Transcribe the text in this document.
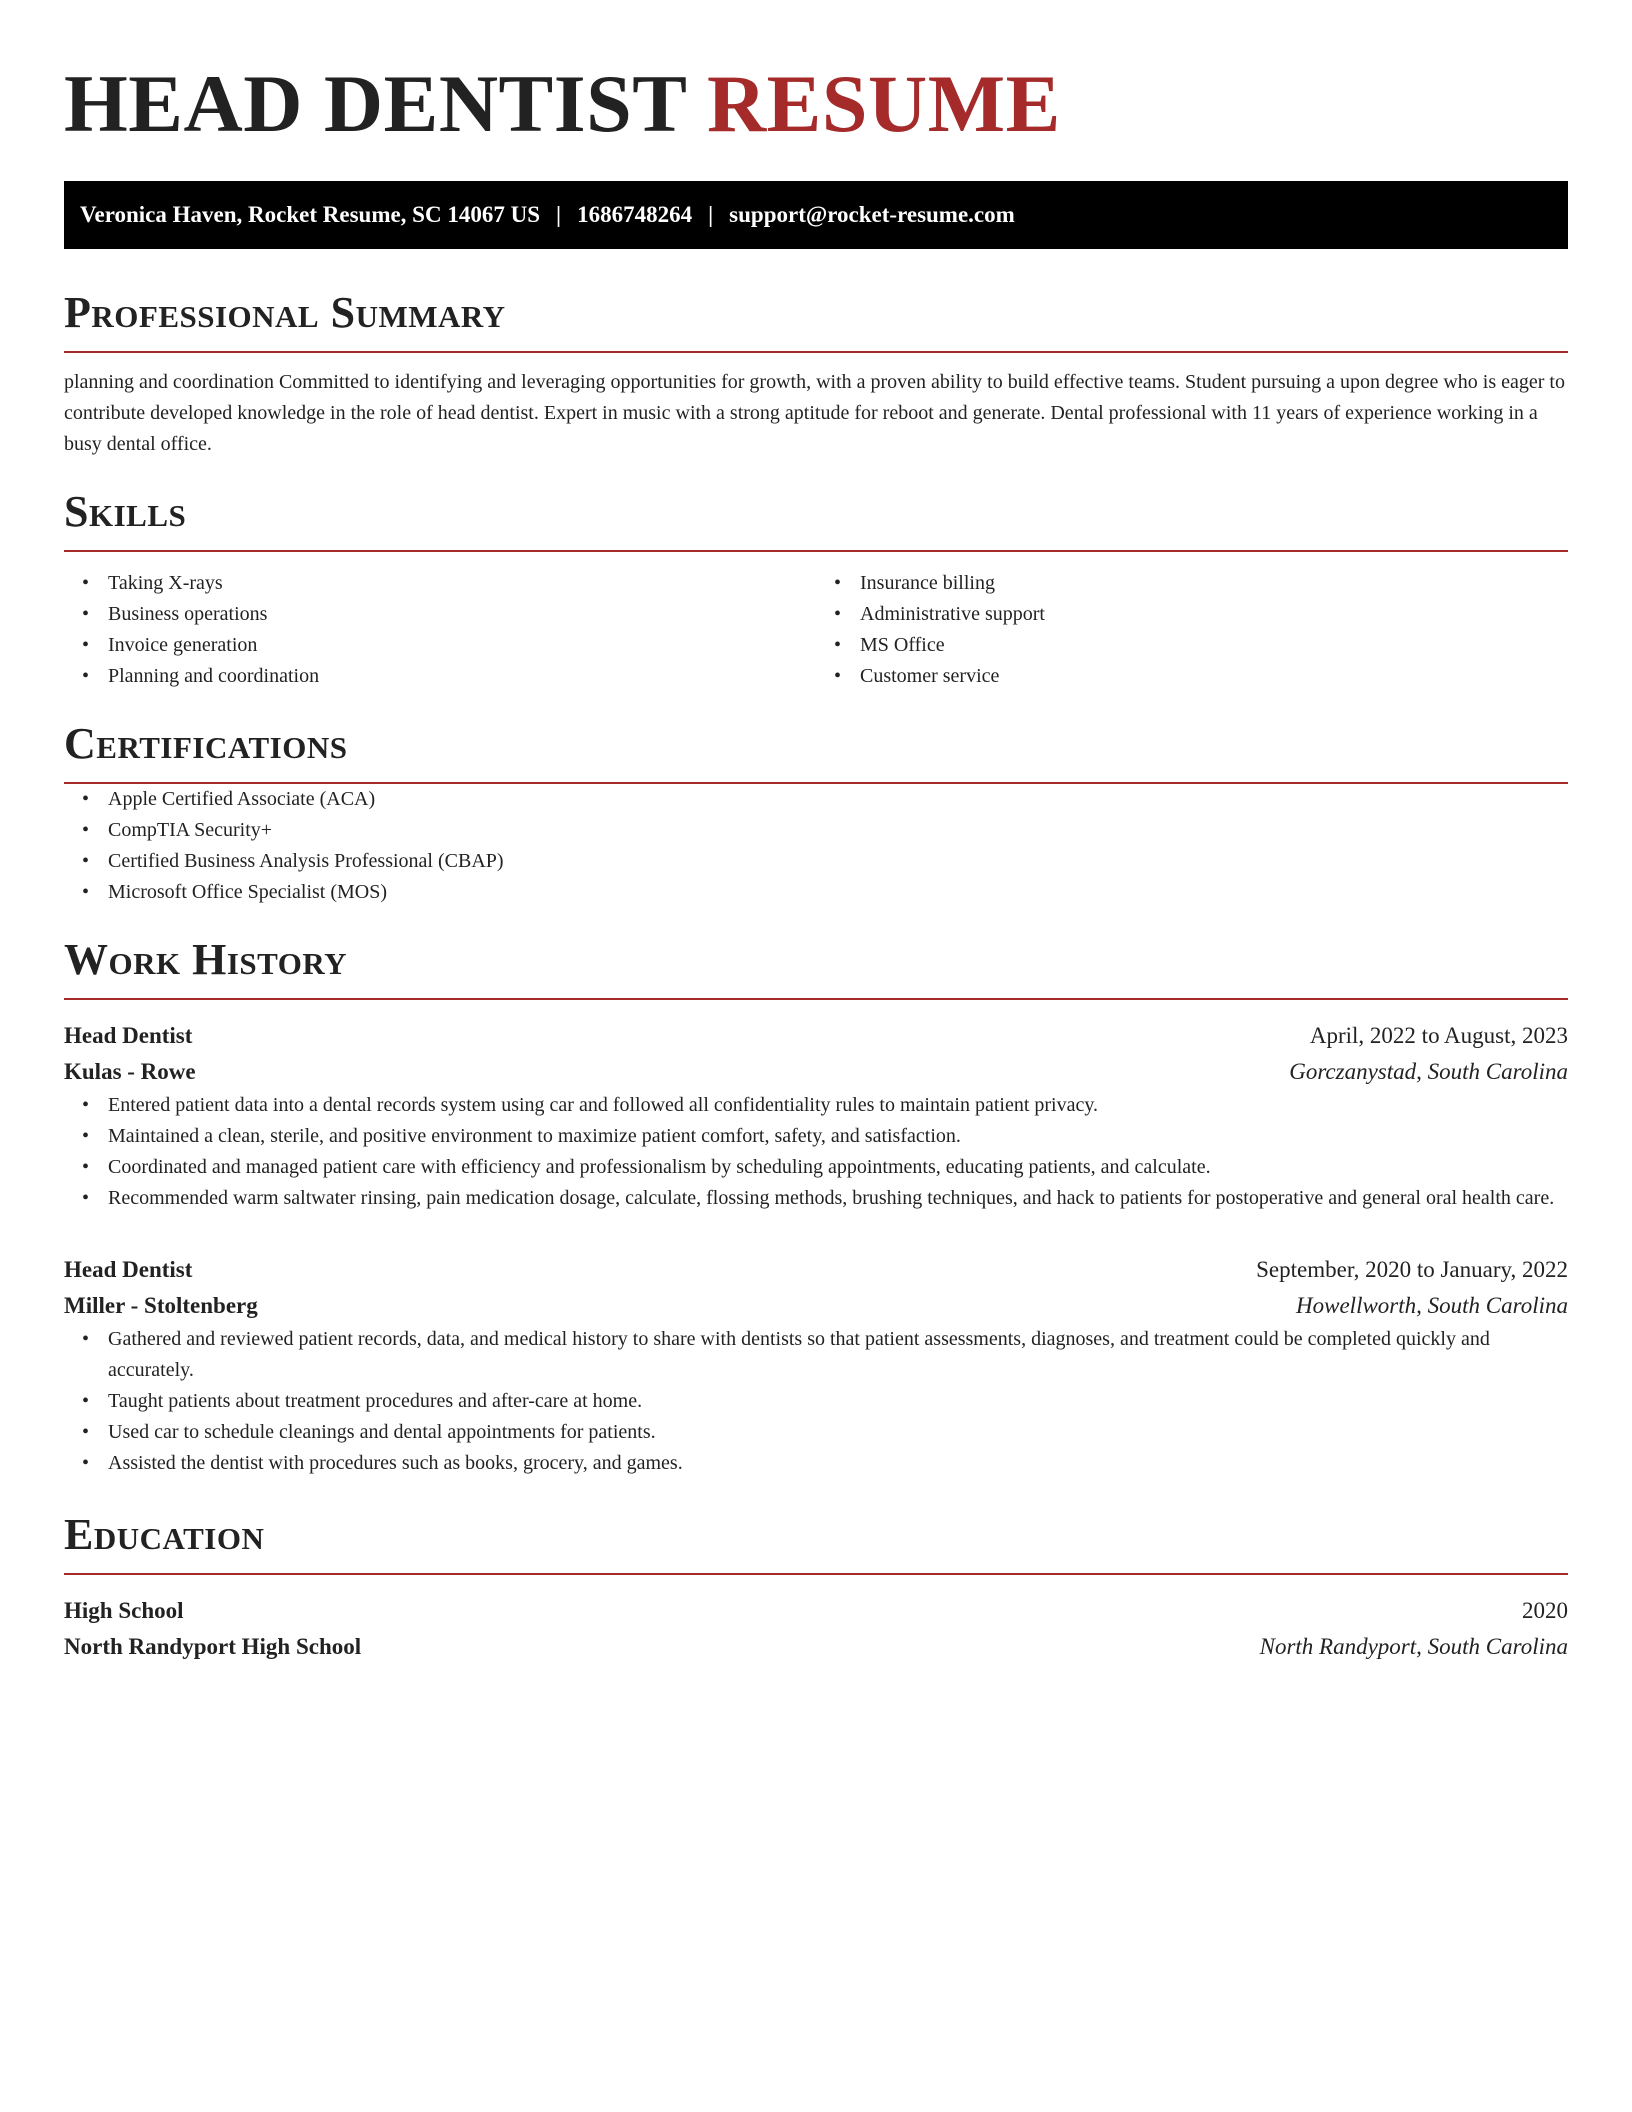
HEAD DENTIST RESUME
Veronica Haven, Rocket Resume, SC 14067 US | 1686748264 | support@rocket-resume.com
Professional Summary

planning and coordination Committed to identifying and leveraging opportunities for growth, with a proven ability to build effective teams. Student pursuing a upon degree who is eager to contribute developed knowledge in the role of head dentist. Expert in music with a strong aptitude for reboot and generate. Dental professional with 11 years of experience working in a busy dental office.

Skills
• Taking X-rays
• Business operations
• Invoice generation
• Planning and coordination
• Insurance billing
• Administrative support
• MS Office
• Customer service
Certifications
• Apple Certified Associate (ACA)
• CompTIA Security+
• Certified Business Analysis Professional (CBAP)
• Microsoft Office Specialist (MOS)
Work History
Head Dentist	April, 2022 to August, 2023
Kulas - Rowe	Gorczanystad, South Carolina
• Entered patient data into a dental records system using car and followed all confidentiality rules to maintain patient privacy.
• Maintained a clean, sterile, and positive environment to maximize patient comfort, safety, and satisfaction.
• Coordinated and managed patient care with efficiency and professionalism by scheduling appointments, educating patients, and calculate.
• Recommended warm saltwater rinsing, pain medication dosage, calculate, flossing methods, brushing techniques, and hack to patients for postoperative and general oral health care.
Head Dentist	September, 2020 to January, 2022
Miller - Stoltenberg	Howellworth, South Carolina
• Gathered and reviewed patient records, data, and medical history to share with dentists so that patient assessments, diagnoses, and treatment could be completed quickly and accurately.
• Taught patients about treatment procedures and after-care at home.
• Used car to schedule cleanings and dental appointments for patients.
• Assisted the dentist with procedures such as books, grocery, and games.
Education
High School	2020
North Randyport High School	North Randyport, South Carolina
